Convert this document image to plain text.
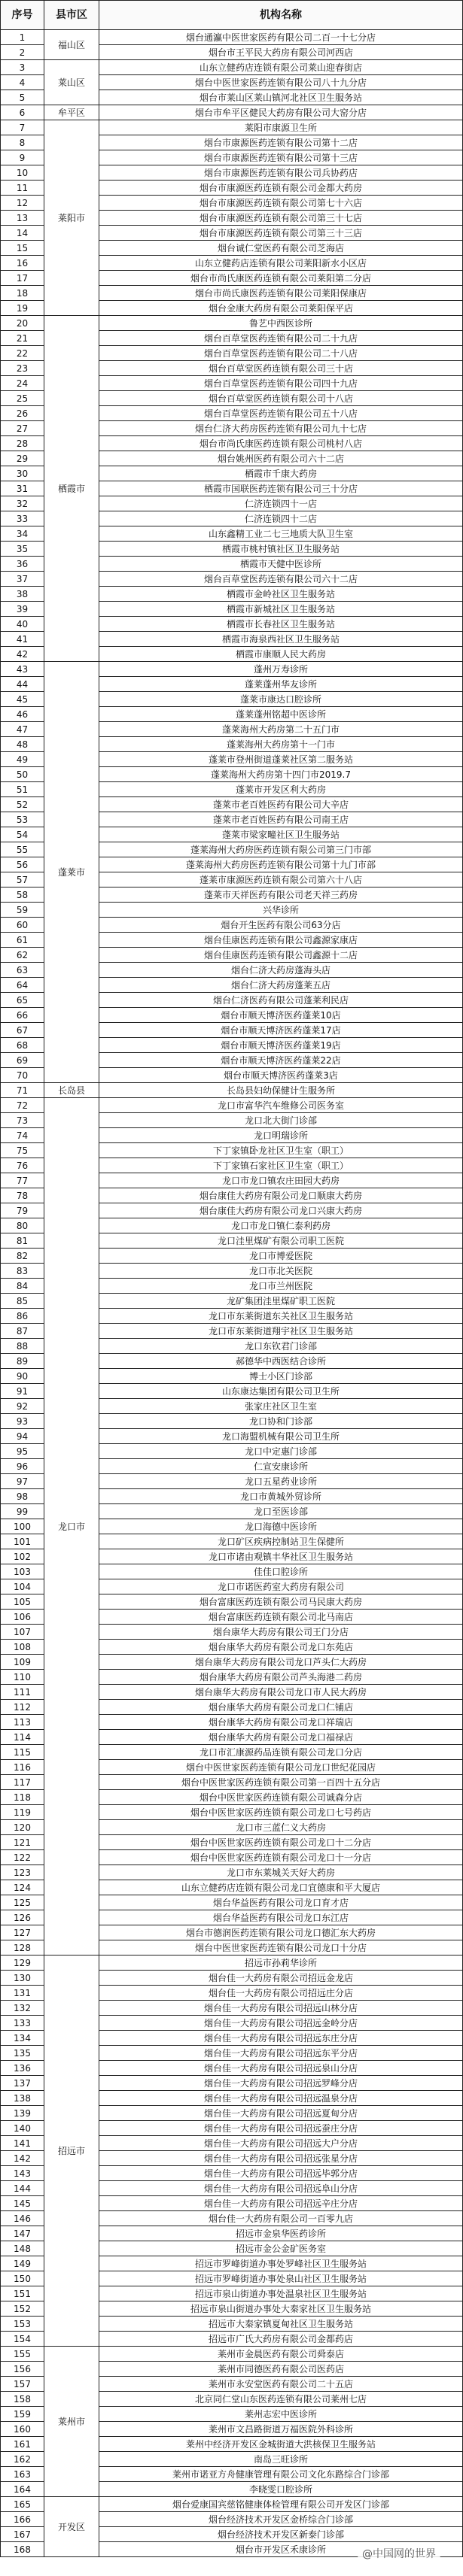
序号	县市区	机构名称
1	福山区	烟台通瀛中医世家医药有限公司二百一十七分店
2		烟台市王平民大药房有限公司河西店
3	莱山区	山东立健药店连锁有限公司莱山迎春街店
4		烟台中医世家医药连锁有限公司八十九分店
5		烟台市莱山区莱山镇河北社区卫生服务站
6	牟平区	烟台市牟平区健民大药房有限公司大窑分店
7	莱阳市	莱阳市康源卫生所
8		烟台市康源医药连锁有限公司第十二店
9		烟台市康源医药连锁有限公司第十三店
10		烟台市康源医药连锁有限公司兵协药店
11		烟台市康源医药连锁有限公司金都大药房
12		烟台市康源医药连锁有限公司第七十六店
13		烟台市康源医药连锁有限公司第三十七店
14		烟台市康源医药连锁有限公司第三十三店
15		烟台诚仁堂医药有限公司芝海店
16		山东立健药店连锁有限公司莱阳新水小区店
17		烟台市尚氏康医药连锁有限公司莱阳第二分店
18		烟台市尚氏康医药连锁有限公司莱阳保康店
19		烟台金康大药房有限公司莱阳保平店
20	栖霞市	鲁艺中西医诊所
21		烟台百草堂医药连锁有限公司二十九店
22		烟台百草堂医药连锁有限公司二十八店
23		烟台百草堂医药连锁有限公司三十店
24		烟台百草堂医药连锁有限公司四十九店
25		烟台百草堂医药连锁有限公司十八店
26		烟台百草堂医药连锁有限公司五十八店
27		烟台仁济大药房医药连锁有限公司九十七店
28		烟台市尚氏康医药连锁有限公司桃村八店
29		烟台姚州医药有限公司六十二店
30		栖霞市千康大药房
31		栖霞市国联医药连锁有限公司三十分店
32		仁济连锁四十一店
33		仁济连锁四十二店
34		山东鑫精工业二七三地质大队卫生室
35		栖霞市桃村镇社区卫生服务站
36		栖霞市天健中医诊所
37		烟台百草堂医药连锁有限公司六十二店
38		栖霞市金岭社区卫生服务站
39		栖霞市新城社区卫生服务站
40		栖霞市长春社区卫生服务站
41		栖霞市海泉西社区卫生服务站
42		栖霞市康顺人民大药房
43	蓬莱市	蓬州万寿诊所
44		蓬莱蓬州华友诊所
45		蓬莱市康达口腔诊所
46		蓬莱蓬州铭超中医诊所
47		蓬莱海州大药房第二十五门市
48		蓬莱海州大药房第十一门市
49		蓬莱市登州街道蓬莱社区第二服务站
50		蓬莱海州大药房第十四门市2019.7
51		蓬莱市开发区利大药房
52		蓬莱市老百姓医药有限公司大辛店
53		蓬莱市老百姓医药有限公司南王店
54		蓬莱市梁家疃社区卫生服务站
55		蓬莱海州大药房医药连锁有限公司第三门市部
56		蓬莱海州大药房医药连锁有限公司第十九门市部
57		蓬莱市康源医药连锁有限公司第六十八店
58		蓬莱市天祥医药有限公司老天祥三药房
59		兴华诊所
60		烟台开生医药有限公司63分店
61		烟台佳康医药连锁有限公司鑫源家康店
62		烟台佳康医药连锁有限公司鑫源十二店
63		烟台仁济大药房蓬海头店
64		烟台仁济大药房蓬莱五店
65		烟台仁济医药有限公司蓬莱利民店
66		烟台市顺天博济医药蓬莱10店
67		烟台市顺天博济医药蓬莱17店
68		烟台市顺天博济医药蓬莱19店
69		烟台市顺天博济医药蓬莱22店
70		烟台市顺天博济医药蓬莱3店
71	长岛县	长岛县妇幼保健计生服务所
72	龙口市	龙口市富华汽车维修公司医务室
73		龙口北大街门诊部
74		龙口明瑞诊所
75		下丁家镇卧龙社区卫生室（职工）
76		下丁家镇石家社区卫生室（职工）
77		龙口市龙口镇农庄田园大药房
78		烟台康佳大药房有限公司龙口顺康大药房
79		烟台康佳大药房有限公司龙口兴康大药房
80		龙口市龙口镇仁泰利药房
81		龙口洼里煤矿有限公司职工医院
82		龙口市博爱医院
83		龙口市北关医院
84		龙口市兰州医院
85		龙矿集团洼里煤矿职工医院
86		龙口市东莱街道东关社区卫生服务站
87		龙口市东莱街道翔宇社区卫生服务站
88		龙口东钦君门诊部
89		郝德华中西医结合诊所
90		博士小区门诊部
91		山东康达集团有限公司卫生所
92		张家庄社区卫生室
93		龙口协和门诊部
94		龙口海盟机械有限公司卫生所
95		龙口中定惠门诊部
96		仁宣安康诊所
97		龙口五星药业诊所
98		龙口市黄城外贸诊所
99		龙口至医诊部
100		龙口海德中医诊所
101		龙口矿区疾病控制站卫生保健所
102		龙口市诸由观镇丰华社区卫生服务站
103		佳佳口腔诊所
104		龙口市诺医药室大药房有限公司
105		烟台富康医药连锁有限公司马民康大药房
106		烟台富康医药连锁有限公司北马南店
107		烟台康华大药房有限公司王门分店
108		烟台康华大药房有限公司龙口东苑店
109		烟台康华大药房有限公司龙口芦头仁大药房
110		烟台康华大药房有限公司芦头海港二药房
111		烟台康华大药房有限公司龙口市人民大药房
112		烟台康华大药房有限公司龙口仁铺店
113		烟台康华大药房有限公司龙口祥瑞店
114		烟台康华大药房有限公司龙口福禄店
115		龙口市汇康源药品连锁有限公司龙口分店
116		烟台中医世家医药连锁有限公司龙口世纪花园店
117		烟台中医世家医药连锁有限公司第一百四十五分店
118		烟台中医世家医药连锁有限公司诚森分店
119		烟台中医世家医药连锁有限公司龙口七号药店
120		龙口市三蓝仁义大药房
121		烟台中医世家医药连锁有限公司龙口十二分店
122		烟台中医世家医药连锁有限公司龙口十一分店
123		龙口市东莱城关天好大药房
124		山东立健药店连锁有限公司龙口宜德康和平大厦店
125		烟台华益医药有限公司龙口育才店
126		烟台华益医药有限公司龙口东江店
127		烟台市德润医药连锁有限公司龙口德汇东大药房
128		烟台中医世家医药连锁有限公司龙口十分店
129	招远市	招远市孙莉华诊所
130		烟台佳一大药房有限公司招远金龙店
131		烟台佳一大药房有限公司招远庄分店
132		烟台佳一大药房有限公司招远山林分店
133		烟台佳一大药房有限公司招远金岭分店
134		烟台佳一大药房有限公司招远东庄分店
135		烟台佳一大药房有限公司招远东平分店
136		烟台佳一大药房有限公司招远泉山分店
137		烟台佳一大药房有限公司招远罗峰分店
138		烟台佳一大药房有限公司招远温泉分店
139		烟台佳一大药房有限公司招远夏甸分店
140		烟台佳一大药房有限公司招远蚕庄分店
141		烟台佳一大药房有限公司招远大户分店
142		烟台佳一大药房有限公司招远张星分店
143		烟台佳一大药房有限公司招远毕郭分店
144		烟台佳一大药房有限公司招远阜山分店
145		烟台佳一大药房有限公司招远辛庄分店
146		烟台佳一大药房有限公司一百零九店
147		招远市金泉华医药诊所
148		招远市金公金矿医务室
149		招远市罗峰街道办事处罗峰社区卫生服务站
150		招远市罗峰街道办事处泉山社区卫生服务站
151		招远市泉山街道办事处温泉社区卫生服务站
152		招远市泉山街道办事处大秦家社区卫生服务站
153		招远市大秦家镇夏甸社区卫生服务站
154		招远市广氏大药房有限公司金都药店
155	莱州市	莱州市金晨医药有限公司舜泰店
156		莱州市同德医药有限公司医药店
157		莱州市永安堂医药有限公司二十五店
158		北京同仁堂山东医药连锁有限公司莱州七店
159		莱州志宏中医诊所
160		莱州市文昌路街道万福医院外科诊所
161		莱州中经济开发区金城街道大洪核保卫生服务站
162		南岛三旺诊所
163		莱州市诺亚方舟健康管理有限公司文化东路综合门诊部
164		李晓雯口腔诊所
165	开发区	烟台爱康国宾慈铭健康体检管理有限公司开发区门诊部
166		烟台经济技术开发区金桥综合门诊部
167		烟台经济技术开发区新泰门诊部
168		烟台市开发区禾康诊所	@中国网的世界
